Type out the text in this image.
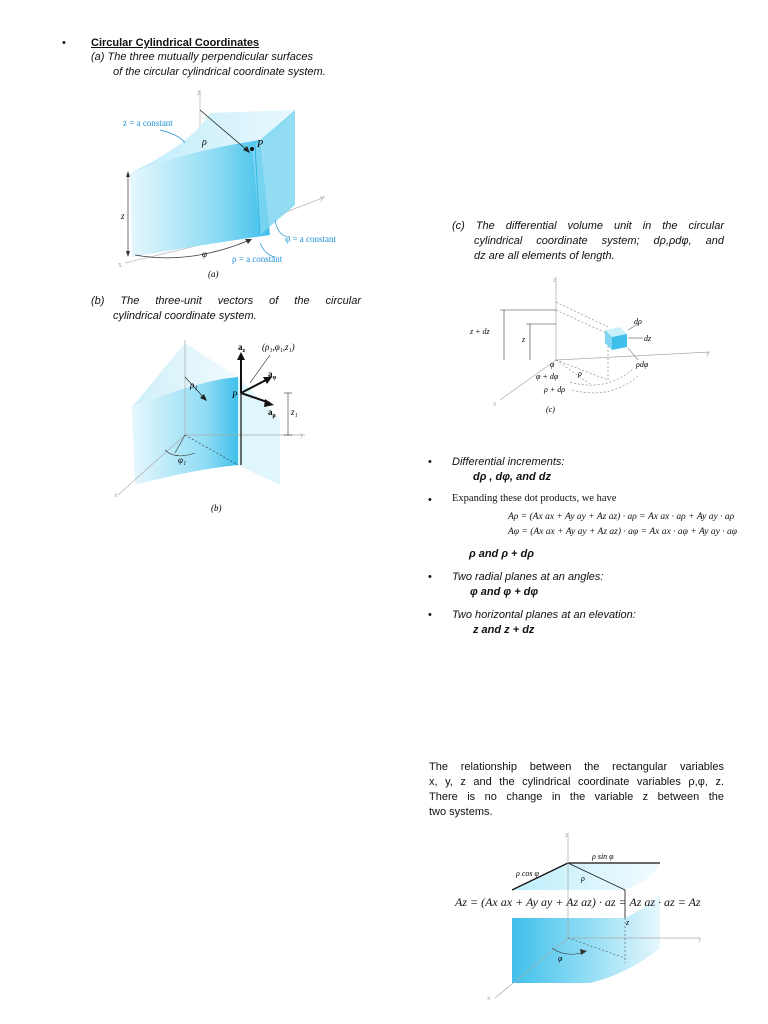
• Circular Cylindrical Coordinates
(a) The three mutually perpendicular surfaces
of the circular cylindrical coordinate system.
z = a constant
φ = a constant
ρ = a constant
ρ	P
z
φ
z
y
x
(a)
(b) The three-unit vectors of the circular
cylindrical coordinate system.
$a_z$ (ρ₁,φ₁,z₁)
$a_\varphi$
$a_\rho$
ρ₁
P
z₁
φ₁
y
x
(b)
(c) The differential volume unit in the circular
cylindrical coordinate system; dρ,ρdφ, and
dz are all elements of length.
z
z + dz
z
dρ
dz
ρdφ
y
φ
φ + dφ ρ
ρ + dρ
x
(c)
• Differential increments:
dρ , dφ, and dz
• Expanding these dot products, we have
Aρ = (Ax ax + Ay ay + Az az) · aρ = Ax ax · aρ + Ay ay · aρ
Aφ = (Ax ax + Ay ay + Az az) · aφ = Ax ax · aφ + Ay ay · aφ
ρ and ρ + dρ
• Two radial planes at an angles:
φ and φ + dφ
• Two horizontal planes at an elevation:
z and z + dz
The relationship between the rectangular variables
x, y, z and the cylindrical coordinate variables ρ,φ, z.
There is no change in the variable z between the
two systems.
z
ρ sin φ
ρ cos φ
ρ
z
φ
y
x
Az = (Ax ax + Ay ay + Az az) · az = Az az · az = Az
